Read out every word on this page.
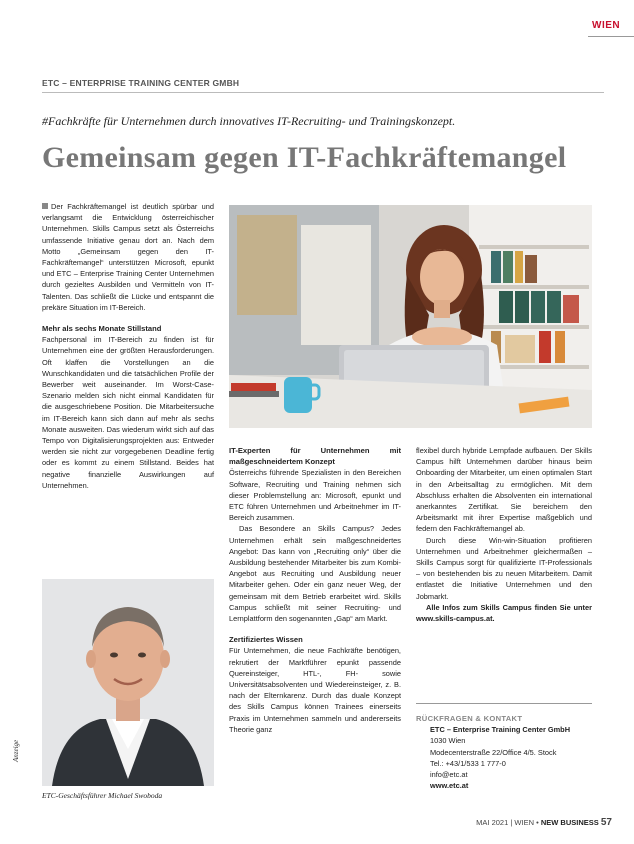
WIEN
ETC – ENTERPRISE TRAINING CENTER GMBH
#Fachkräfte für Unternehmen durch innovatives IT-Recruiting- und Trainingskonzept.
Gemeinsam gegen IT-Fachkräftemangel

Der Fachkräftemangel ist deutlich spürbar und verlangsamt die Entwicklung österreichischer Unternehmen. Skills Campus setzt als Österreichs umfassende Initiative genau dort an. Nach dem Motto „Gemeinsam gegen den IT-Fachkräftemangel“ unterstützen Microsoft, epunkt und ETC – Enterprise Training Center Unternehmen durch gezieltes Ausbilden und Vermitteln von IT-Talenten. Das schließt die Lücke und entspannt die prekäre Situation im IT-Bereich.

Mehr als sechs Monate Stillstand

Fachpersonal im IT-Bereich zu finden ist für Unternehmen eine der größten Herausforderungen. Oft klaffen die Vorstellungen an die Wunschkandidaten und die tatsächlichen Profile der Bewerber weit auseinander. Im Worst-Case-Szenario melden sich nicht einmal Kandidaten für die ausgeschriebene Position. Die Mitarbeitersuche im IT-Bereich kann sich dann auf mehr als sechs Monate ausweiten. Das wiederum wirkt sich auf das Tempo von Digitalisierungsprojekten aus: Entweder werden sie nicht zur vorgegebenen Deadline fertig oder es kommt zu einem Stillstand. Beides hat negative finanzielle Auswirkungen auf Unternehmen.

IT-Experten für Unternehmen mit maßgeschneidertem Konzept

Österreichs führende Spezialisten in den Bereichen Software, Recruiting und Training nehmen sich dieser Problemstellung an: Microsoft, epunkt und ETC führen Unternehmen und Arbeitnehmer im IT-Bereich zusammen.

Das Besondere an Skills Campus? Jedes Unternehmen erhält sein maßgeschneidertes Angebot: Das kann von „Recruiting only“ über die Ausbildung bestehender Mitarbeiter bis zum Kombi-Angebot aus Recruiting und Ausbildung neuer Mitarbeiter gehen. Oder ein ganz neuer Weg, der gemeinsam mit dem Betrieb erarbeitet wird. Skills Campus schließt mit seiner Recruiting- und Lernplattform den sogenannten „Gap“ am Markt.

Zertifiziertes Wissen

Für Unternehmen, die neue Fachkräfte benötigen, rekrutiert der Marktführer epunkt passende Quereinsteiger, HTL-, FH- sowie Universitätsabsolventen und Wiedereinsteiger, z. B. nach der Elternkarenz. Durch das duale Konzept des Skills Campus können Trainees einerseits Praxis im Unternehmen sammeln und andererseits Theorie ganz

flexibel durch hybride Lernpfade aufbauen. Der Skills Campus hilft Unternehmen darüber hinaus beim Onboarding der Mitarbeiter, um einen optimalen Start in den Arbeitsalltag zu ermöglichen. Mit dem Abschluss erhalten die Absolventen ein international anerkanntes Zertifikat. Sie bereichern den Arbeitsmarkt mit ihrer Expertise maßgeblich und federn den Fachkräftemangel ab.

Durch diese Win-win-Situation profitieren Unternehmen und Arbeitnehmer gleichermaßen – Skills Campus sorgt für qualifizierte IT-Professionals – von bestehenden bis zu neuen Mitarbeitern. Damit entlastet die Initiative Unternehmen und den Jobmarkt.

Alle Infos zum Skills Campus finden Sie unter www.skills-campus.at.

ETC-Geschäftsführer Michael Swoboda
Anzeige
RÜCKFRAGEN & KONTAKT
ETC – Enterprise Training Center GmbH
1030 Wien
Modecenterstraße 22/Office 4/5. Stock
Tel.: +43/1/533 1 777-0
info@etc.at
www.etc.at
MAI 2021 | WIEN • NEW BUSINESS 57
